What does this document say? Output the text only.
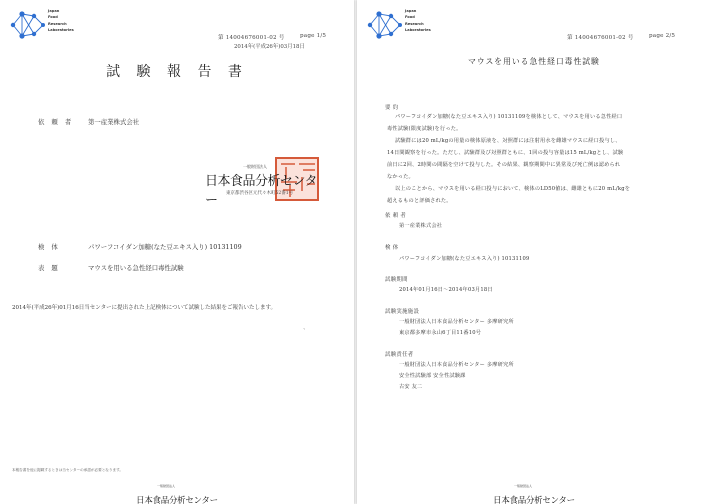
Japan
Food
Research
Laboratories
第 14004676001-02 号	page 1/5
2014年(平成26年)03月18日
試 験 報 告 書
依 頼 者 第一産業株式会社
一般財団法人
日本食品分析センター	東京都渋谷区元代々木町52番1号
検 体	パワーフコイダン加糖(なた豆エキス入り) 10131109
表 題	マウスを用いる急性経口毒性試験
2014年(平成26年)01月16日当センターに提出された上記検体について試験した結果をご報告いたします。
、
本報告書を他に掲載するときは当センターの承認が必要となります。
一般財団法人
日本食品分析センター
Japan
Food
Research
Laboratories
第 14004676001-02 号	page 2/5
マウスを用いる急性経口毒性試験
要 約
パワーフコイダン加糖(なた豆エキス入り) 10131109を検体として、マウスを用いる急性経口
毒性試験(限度試験)を行った。
試験群には20 mL/kgの用量の検体原液を、対照群には注射用水を雌雄マウスに経口投与し、
14日間観察を行った。ただし、試験群及び対照群ともに、1回の投与容量は15 mL/kgとし、試験
前日に2回、2時間の間隔を空けて投与した。その結果、観察期間中に異常及び死亡例は認められ
なかった。
以上のことから、マウスを用いる経口投与において、検体のLD50値は、雌雄ともに20 mL/kgを
超えるものと評価された。
依 頼 者
第一産業株式会社
検 体
パワーフコイダン加糖(なた豆エキス入り) 10131109
試験期間
2014年01月16日～2014年03月18日
試験実施施設
一般財団法人日本食品分析センター 多摩研究所
東京都多摩市永山6丁目11番10号
試験責任者
一般財団法人日本食品分析センター 多摩研究所
安全性試験部 安全性試験課
古安 友二
一般財団法人
日本食品分析センター
